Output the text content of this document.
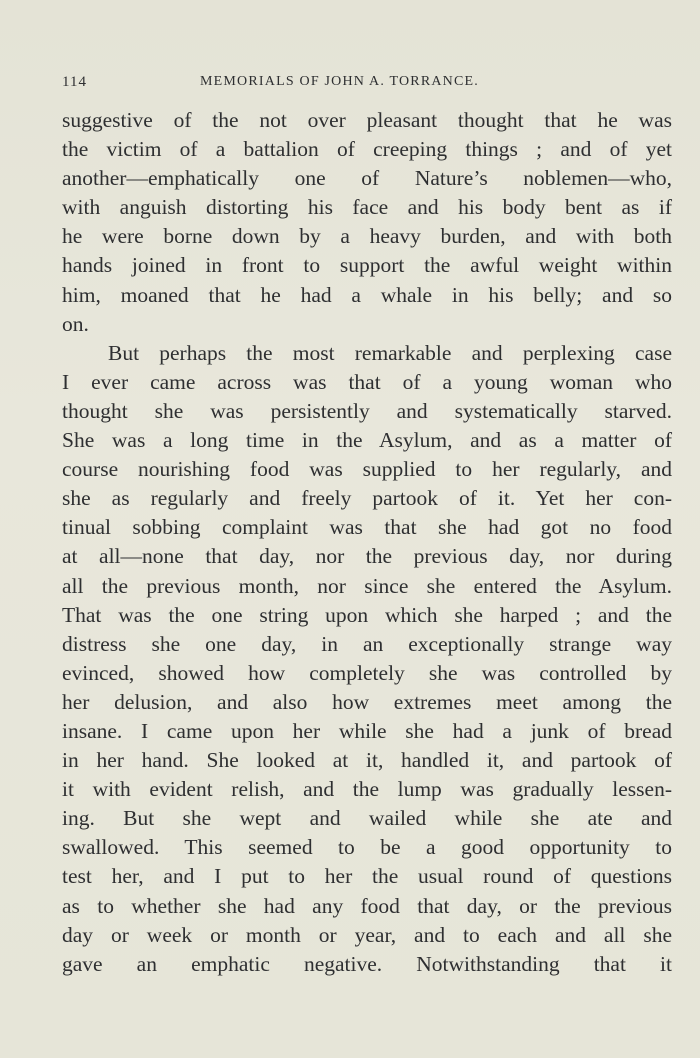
114	MEMORIALS OF JOHN A. TORRANCE.
suggestive of the not over pleasant thought that he was
the victim of a battalion of creeping things ; and of yet
another—emphatically one of Nature’s noblemen—who,
with anguish distorting his face and his body bent as if
he were borne down by a heavy burden, and with both
hands joined in front to support the awful weight within
him, moaned that he had a whale in his belly; and so
on.
But perhaps the most remarkable and perplexing case
I ever came across was that of a young woman who
thought she was persistently and systematically starved.
She was a long time in the Asylum, and as a matter of
course nourishing food was supplied to her regularly, and
she as regularly and freely partook of it. Yet her con-
tinual sobbing complaint was that she had got no food
at all—none that day, nor the previous day, nor during
all the previous month, nor since she entered the Asylum.
That was the one string upon which she harped ; and the
distress she one day, in an exceptionally strange way
evinced, showed how completely she was controlled by
her delusion, and also how extremes meet among the
insane. I came upon her while she had a junk of bread
in her hand. She looked at it, handled it, and partook of
it with evident relish, and the lump was gradually lessen-
ing. But she wept and wailed while she ate and
swallowed. This seemed to be a good opportunity to
test her, and I put to her the usual round of questions
as to whether she had any food that day, or the previous
day or week or month or year, and to each and all she
gave an emphatic negative. Notwithstanding that it
